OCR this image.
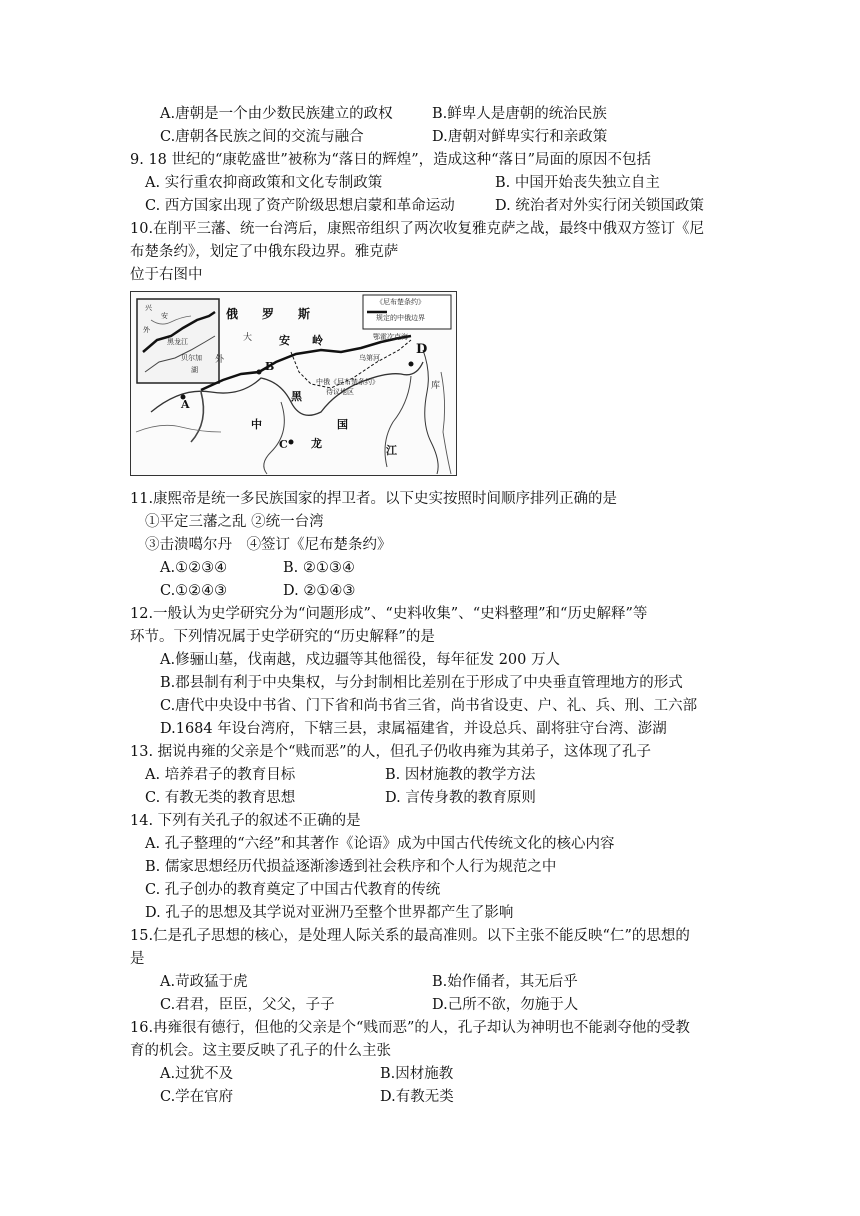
A.唐朝是一个由少数民族建立的政权	B.鲜卑人是唐朝的统治民族
C.唐朝各民族之间的交流与融合	D.唐朝对鲜卑实行和亲政策
9. 18 世纪的“康乾盛世”被称为“落日的辉煌”，造成这种“落日”局面的原因不包括
A. 实行重农抑商政策和文化专制政策	B. 中国开始丧失独立自主
C. 西方国家出现了资产阶级思想启蒙和革命运动	D. 统治者对外实行闭关锁国政策
10.在削平三藩、统一台湾后，康熙帝组织了两次收复雅克萨之战，最终中俄双方签订《尼
布楚条约》，划定了中俄东段边界。雅克萨
位于右图中
俄　　罗　　斯
《尼布楚条约》
规定的中俄边界
安　　岭
黑
中	国
龙
江
A
B
C
D
外
大
库
鄂霍次克海
乌第河
中俄《尼布楚条约》
待议地区
兴
安
外
黑龙江
贝尔加
湖
11.康熙帝是统一多民族国家的捍卫者。以下史实按照时间顺序排列正确的是
①平定三藩之乱 ②统一台湾
③击溃噶尔丹　④签订《尼布楚条约》
A.①②③④	B. ②①③④
C.①②④③	D. ②①④③
12.一般认为史学研究分为“问题形成”、“史料收集”、“史料整理”和“历史解释”等
环节。下列情况属于史学研究的“历史解释”的是
A.修骊山墓，伐南越，戍边疆等其他徭役，每年征发 200 万人
B.郡县制有利于中央集权，与分封制相比差别在于形成了中央垂直管理地方的形式
C.唐代中央设中书省、门下省和尚书省三省，尚书省设吏、户、礼、兵、刑、工六部
D.1684 年设台湾府，下辖三县，隶属福建省，并设总兵、副将驻守台湾、澎湖
13. 据说冉雍的父亲是个“贱而恶”的人，但孔子仍收冉雍为其弟子，这体现了孔子
A. 培养君子的教育目标	B. 因材施教的教学方法
C. 有教无类的教育思想	D. 言传身教的教育原则
14. 下列有关孔子的叙述不正确的是
A. 孔子整理的“六经”和其著作《论语》成为中国古代传统文化的核心内容
B. 儒家思想经历代损益逐渐渗透到社会秩序和个人行为规范之中
C. 孔子创办的教育奠定了中国古代教育的传统
D. 孔子的思想及其学说对亚洲乃至整个世界都产生了影响
15.仁是孔子思想的核心，是处理人际关系的最高准则。以下主张不能反映“仁”的思想的
是
A.苛政猛于虎	B.始作俑者，其无后乎
C.君君，臣臣，父父，子子	D.己所不欲，勿施于人
16.冉雍很有德行，但他的父亲是个“贱而恶”的人，孔子却认为神明也不能剥夺他的受教
育的机会。这主要反映了孔子的什么主张
A.过犹不及	B.因材施教
C.学在官府	D.有教无类
